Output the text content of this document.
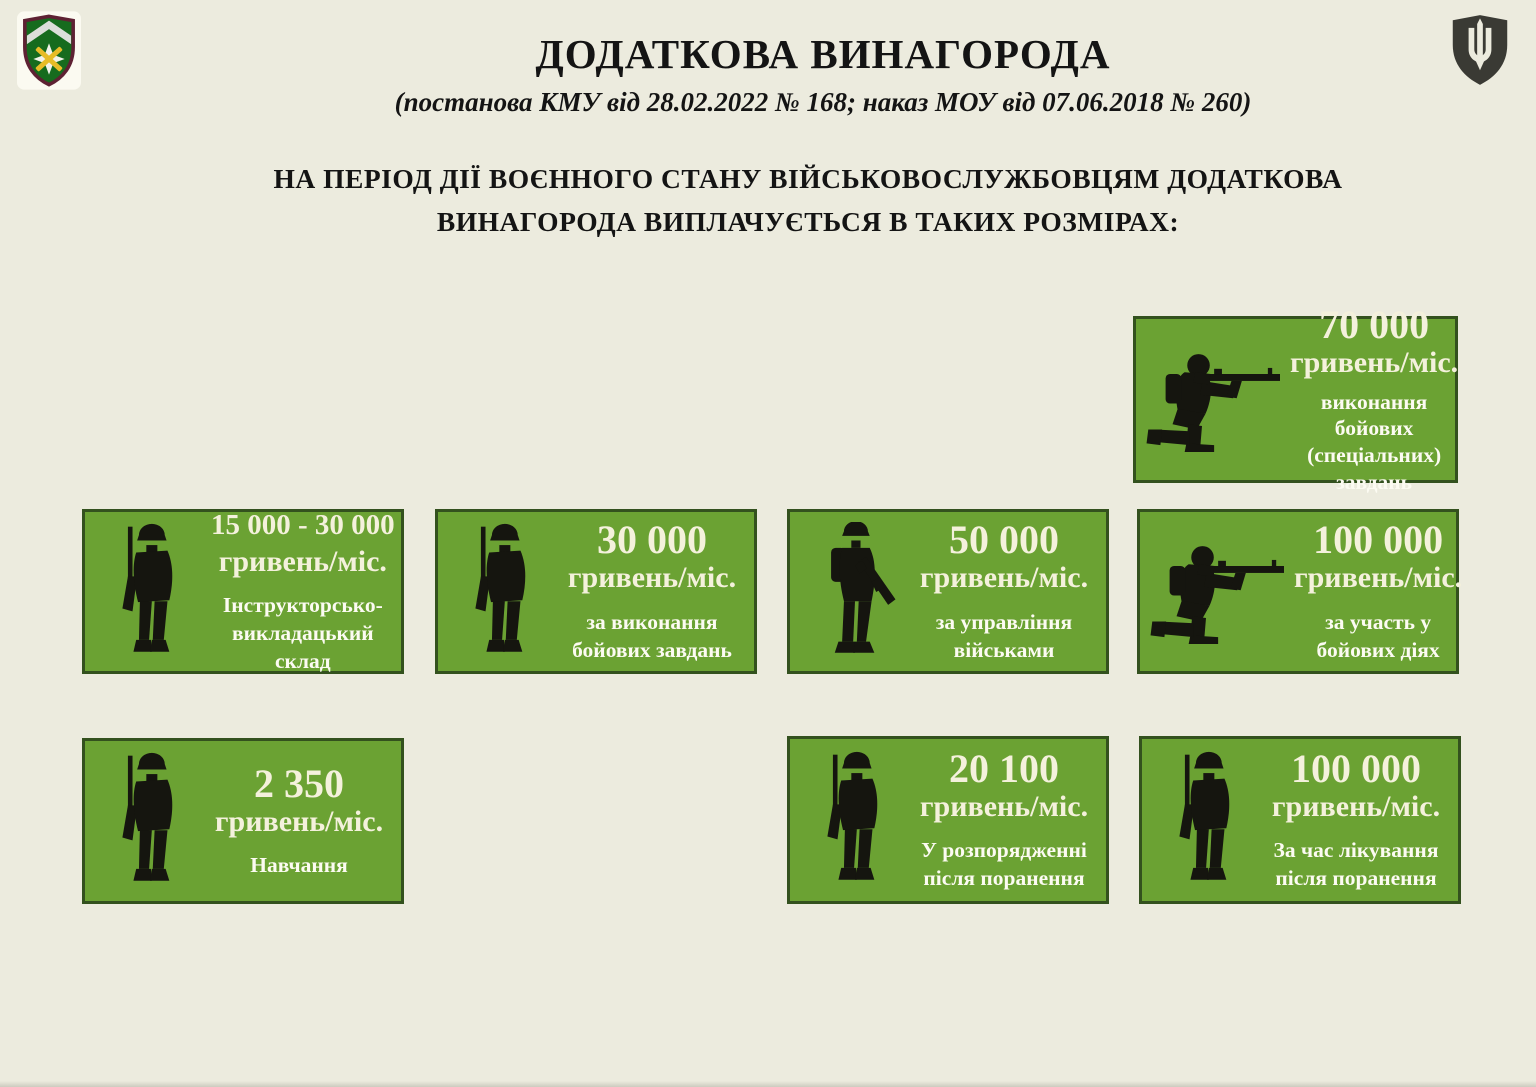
ДОДАТКОВА ВИНАГОРОДА
(постанова КМУ від 28.02.2022 № 168; наказ МОУ від 07.06.2018 № 260)
НА ПЕРІОД ДІЇ ВОЄННОГО СТАНУ ВІЙСЬКОВОСЛУЖБОВЦЯМ ДОДАТКОВА
ВИНАГОРОДА ВИПЛАЧУЄТЬСЯ В ТАКИХ РОЗМІРАХ:
70 000
гривень/міс.
виконання бойових (спеціальних) завдань
15 000 - 30 000
гривень/міс.
Інструкторсько-викладацький склад
30 000
гривень/міс.
за виконання бойових завдань
50 000
гривень/міс.
за управління військами
100 000
гривень/міс.
за участь у бойових діях
2 350
гривень/міс.
Навчання
20 100
гривень/міс.
У розпорядженні після поранення
100 000
гривень/міс.
За час лікування після поранення
